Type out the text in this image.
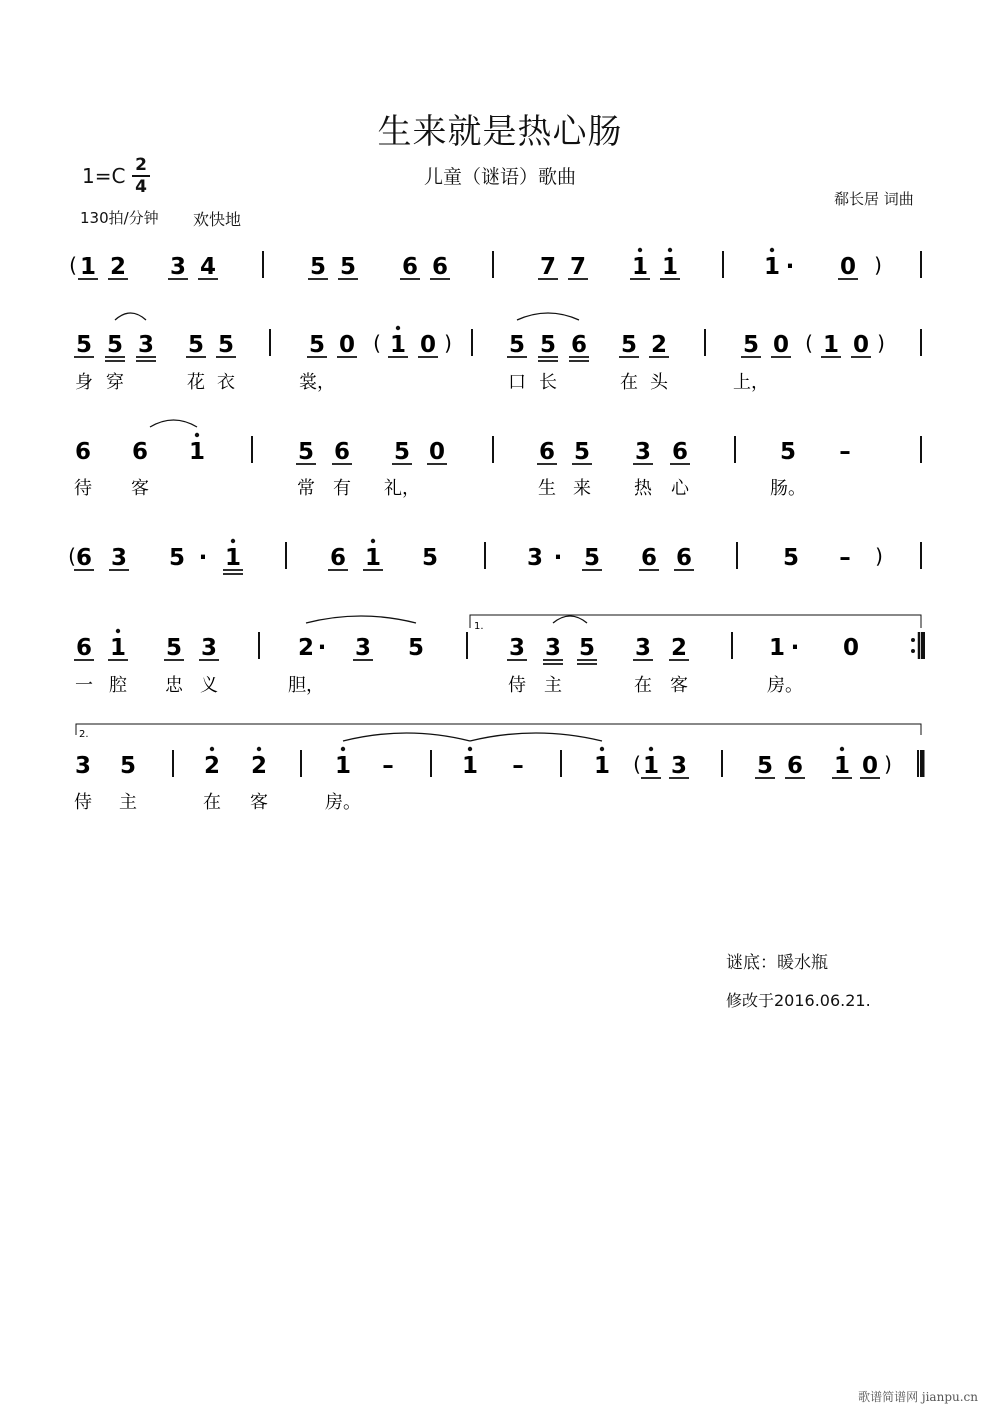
生来就是热心肠
儿童（谜语）歌曲
1=C 2
4
130拍/分钟 欢快地
郗长居 词曲
1 2 3 4	5 5 6 6	7 7 1 1	1 · 0
(	)
5 5 3 5 5	5 0 1 0	5 5 6 5 2	5 0 1 0
(	)	(	)
身 穿	花 衣	裳，	口 长	在 头	上，
6 6 1	5 6 5 0	6 5 3 6	5 –
待 客	常 有 礼，	生 来 热 心	肠。
6 3 5 · 1	6 1 5	3 · 5 6 6	5 –
(	)
6 1 5 3	2 · 3 5	3 3 5 3 2	1 · 0
一 腔 忠 义	胆，	侍 主	在 客	房。
3 5	2 2	1 –	1 –	1 1 3	5 6 1 0
(	)
侍 主	在 客	房。
1.
2.
谜底：暖水瓶
修改于2016.06.21.
歌谱简谱网 jianpu.cn
